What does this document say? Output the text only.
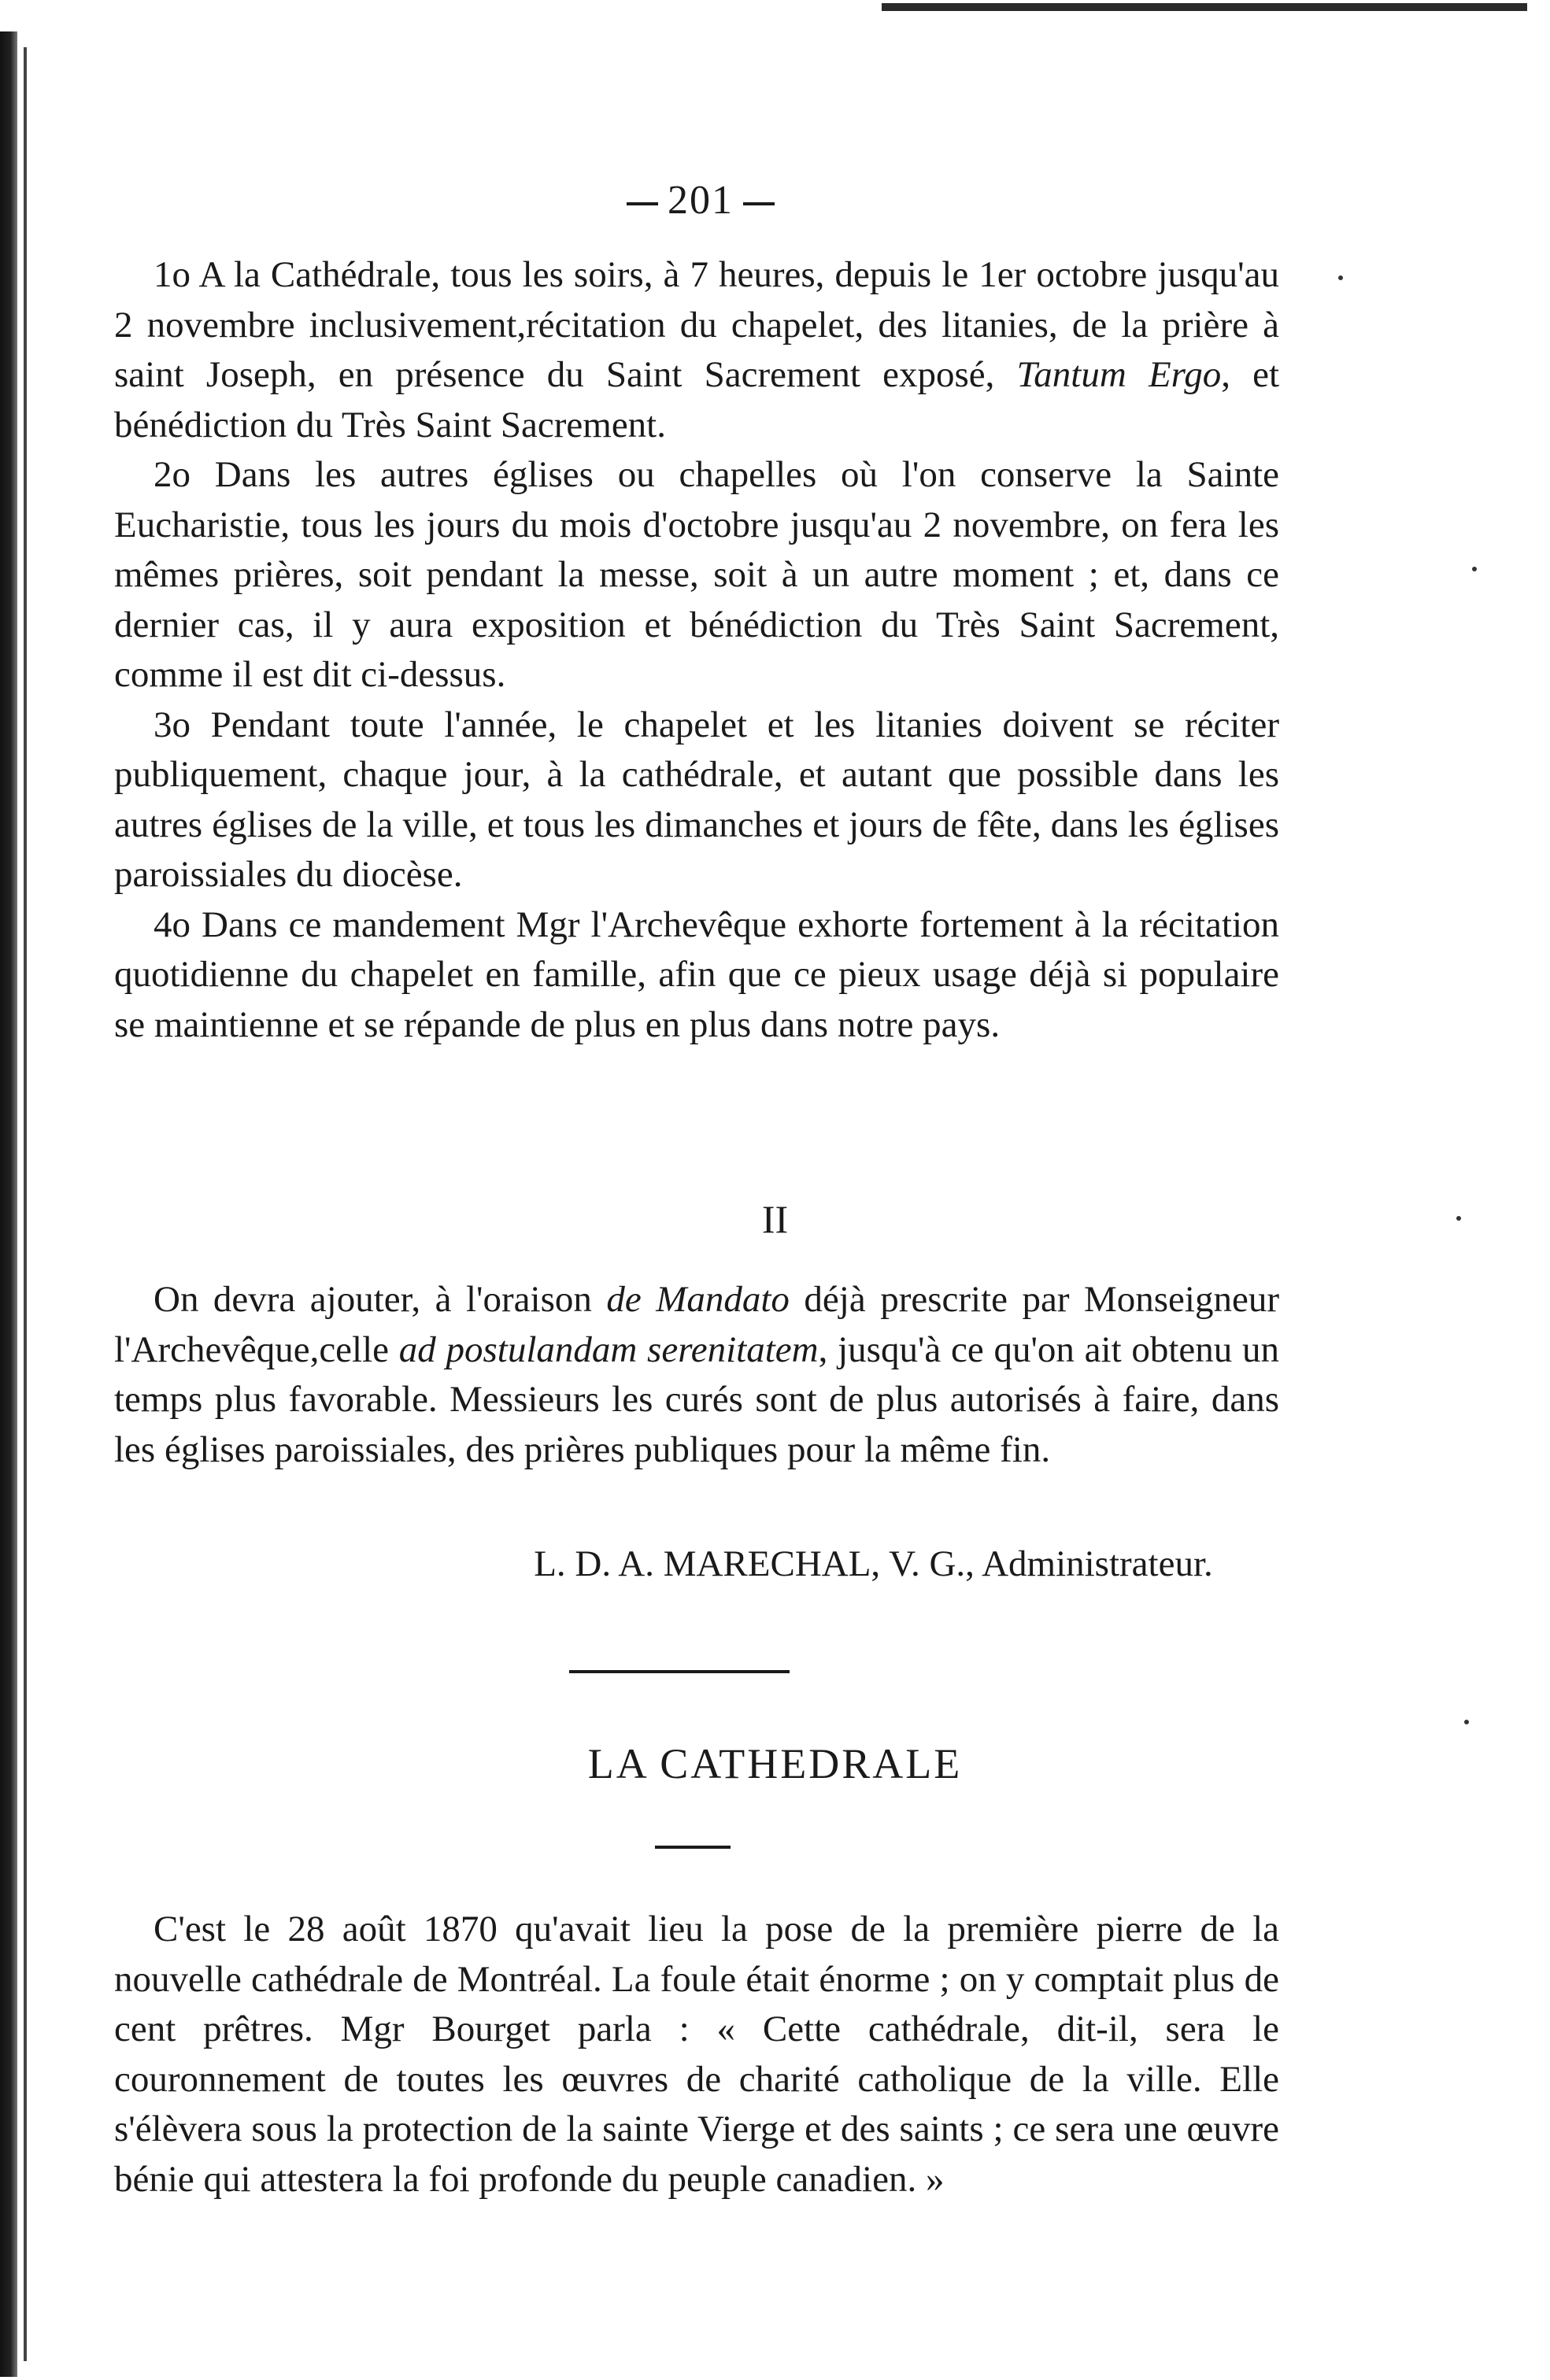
201

1o A la Cathédrale, tous les soirs, à 7 heures, depuis le 1er octobre jusqu'au 2 novembre inclusivement,récitation du chapelet, des litanies, de la prière à saint Joseph, en présence du Saint Sacrement exposé, Tantum Ergo, et bénédiction du Très Saint Sacrement.

2o Dans les autres églises ou chapelles où l'on conserve la Sainte Eucharistie, tous les jours du mois d'octobre jusqu'au 2 novembre, on fera les mêmes prières, soit pendant la messe, soit à un autre moment ; et, dans ce dernier cas, il y aura exposition et bénédiction du Très Saint Sacrement, comme il est dit ci-dessus.

3o Pendant toute l'année, le chapelet et les litanies doivent se réciter publiquement, chaque jour, à la cathédrale, et autant que possible dans les autres églises de la ville, et tous les dimanches et jours de fête, dans les églises paroissiales du diocèse.

4o Dans ce mandement Mgr l'Archevêque exhorte fortement à la récitation quotidienne du chapelet en famille, afin que ce pieux usage déjà si populaire se maintienne et se répande de plus en plus dans notre pays.

II

On devra ajouter, à l'oraison de Mandato déjà prescrite par Monseigneur l'Archevêque,celle ad postulandam serenitatem, jusqu'à ce qu'on ait obtenu un temps plus favorable. Messieurs les curés sont de plus autorisés à faire, dans les églises paroissiales, des prières publiques pour la même fin.

L. D. A. MARECHAL, V. G., Administrateur.
LA CATHEDRALE

C'est le 28 août 1870 qu'avait lieu la pose de la première pierre de la nouvelle cathédrale de Montréal. La foule était énorme ; on y comptait plus de cent prêtres. Mgr Bourget parla : « Cette cathédrale, dit-il, sera le couronnement de toutes les œuvres de charité catholique de la ville. Elle s'élèvera sous la protection de la sainte Vierge et des saints ; ce sera une œuvre bénie qui attestera la foi profonde du peuple canadien. »
